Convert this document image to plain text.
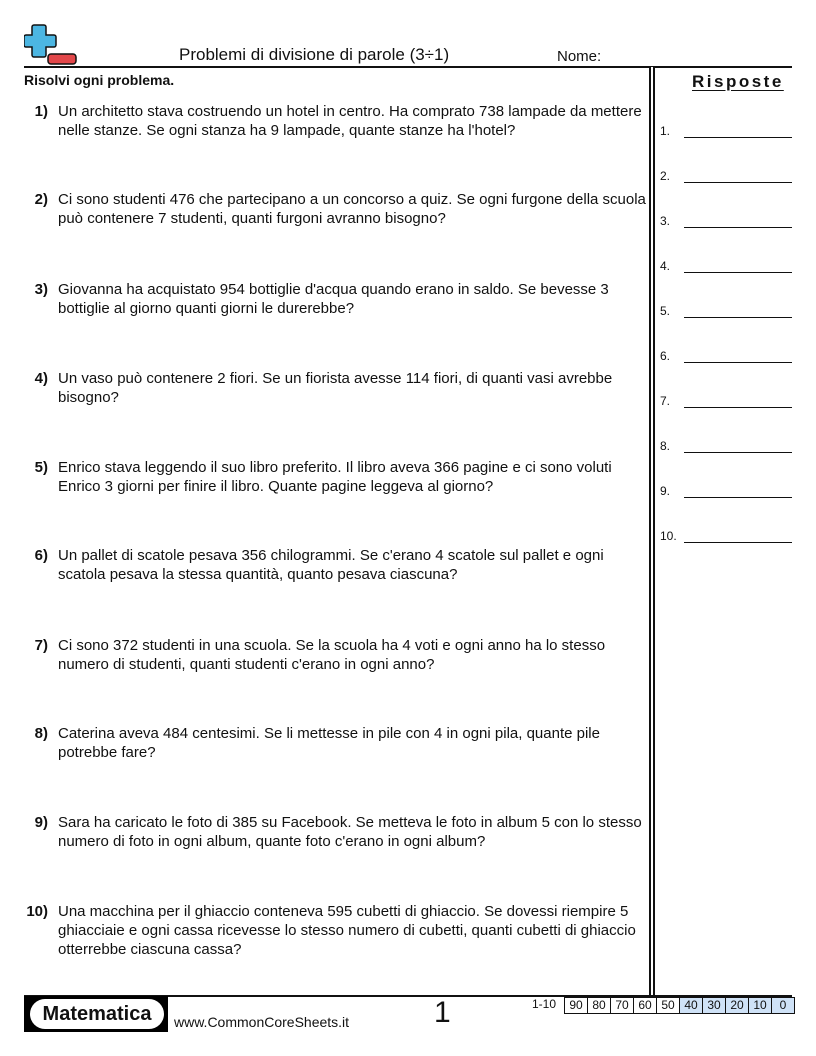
Problemi di divisione di parole (3÷1)	Nome:
Risolvi ogni problema.	Risposte
1) Un architetto stava costruendo un hotel in centro. Ha comprato 738 lampade da mettere nelle stanze. Se ogni stanza ha 9 lampade, quante stanze ha l'hotel?
2) Ci sono studenti 476 che partecipano a un concorso a quiz. Se ogni furgone della scuola può contenere 7 studenti, quanti furgoni avranno bisogno?
3) Giovanna ha acquistato 954 bottiglie d'acqua quando erano in saldo. Se bevesse 3 bottiglie al giorno quanti giorni le durerebbe?
4) Un vaso può contenere 2 fiori. Se un fiorista avesse 114 fiori, di quanti vasi avrebbe bisogno?
5) Enrico stava leggendo il suo libro preferito. Il libro aveva 366 pagine e ci sono voluti Enrico 3 giorni per finire il libro. Quante pagine leggeva al giorno?
6) Un pallet di scatole pesava 356 chilogrammi. Se c'erano 4 scatole sul pallet e ogni scatola pesava la stessa quantità, quanto pesava ciascuna?
7) Ci sono 372 studenti in una scuola. Se la scuola ha 4 voti e ogni anno ha lo stesso numero di studenti, quanti studenti c'erano in ogni anno?
8) Caterina aveva 484 centesimi. Se li mettesse in pile con 4 in ogni pila, quante pile potrebbe fare?
9) Sara ha caricato le foto di 385 su Facebook. Se metteva le foto in album 5 con lo stesso numero di foto in ogni album, quante foto c'erano in ogni album?
10) Una macchina per il ghiaccio conteneva 595 cubetti di ghiaccio. Se dovessi riempire 5 ghiacciaie e ogni cassa ricevesse lo stesso numero di cubetti, quanti cubetti di ghiaccio otterrebbe ciascuna cassa?
1.
2.
3.
4.
5.
6.
7.
8.
9.
10.
Matematica	www.CommonCoreSheets.it	1	1-10 90	80	70	60	50	40	30	20	10	0
